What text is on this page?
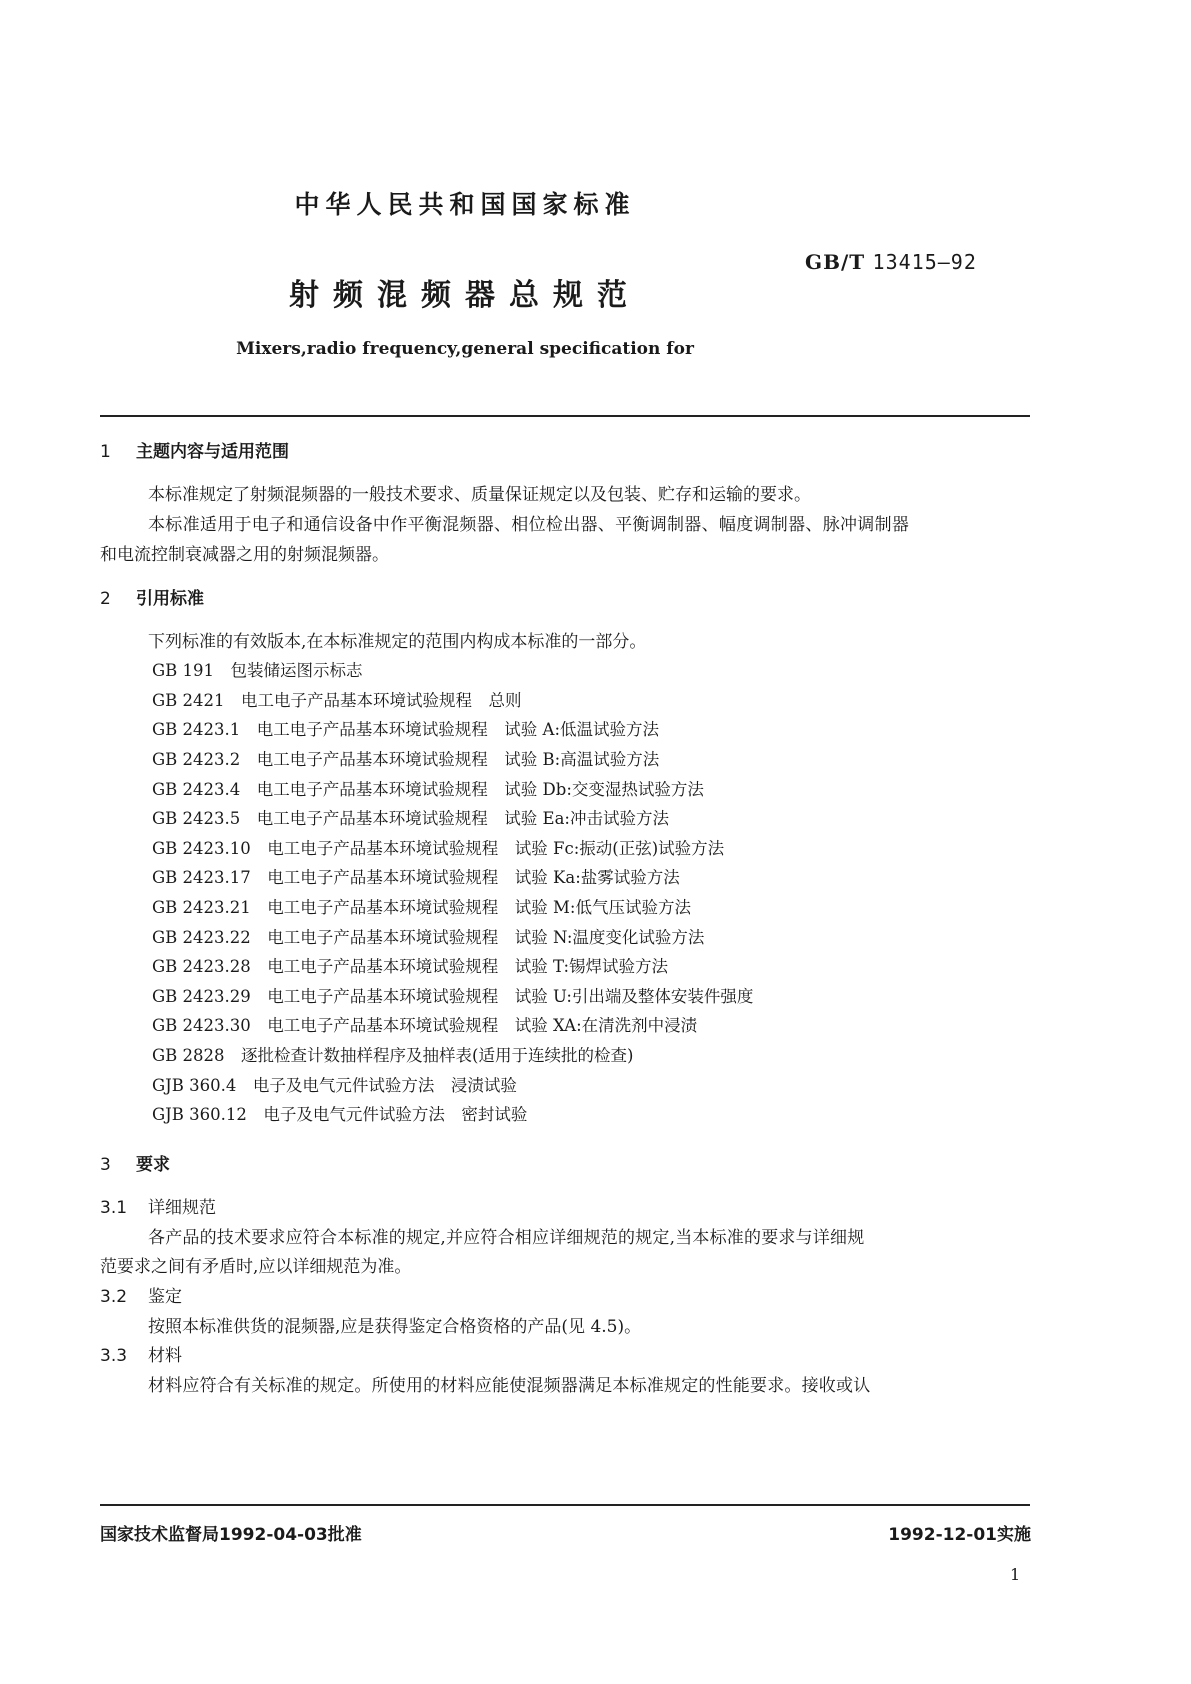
中华人民共和国国家标准
GB/T 13415—92
射频混频器总规范
Mixers,radio frequency,general specification for
1 主题内容与适用范围
本标准规定了射频混频器的一般技术要求、质量保证规定以及包装、贮存和运输的要求。
本标准适用于电子和通信设备中作平衡混频器、相位检出器、平衡调制器、幅度调制器、脉冲调制器
和电流控制衰减器之用的射频混频器。
2 引用标准
下列标准的有效版本,在本标准规定的范围内构成本标准的一部分。
GB 191　包装储运图示标志
GB 2421　电工电子产品基本环境试验规程　总则
GB 2423.1　电工电子产品基本环境试验规程　试验 A:低温试验方法
GB 2423.2　电工电子产品基本环境试验规程　试验 B:高温试验方法
GB 2423.4　电工电子产品基本环境试验规程　试验 Db:交变湿热试验方法
GB 2423.5　电工电子产品基本环境试验规程　试验 Ea:冲击试验方法
GB 2423.10　电工电子产品基本环境试验规程　试验 Fc:振动(正弦)试验方法
GB 2423.17　电工电子产品基本环境试验规程　试验 Ka:盐雾试验方法
GB 2423.21　电工电子产品基本环境试验规程　试验 M:低气压试验方法
GB 2423.22　电工电子产品基本环境试验规程　试验 N:温度变化试验方法
GB 2423.28　电工电子产品基本环境试验规程　试验 T:锡焊试验方法
GB 2423.29　电工电子产品基本环境试验规程　试验 U:引出端及整体安装件强度
GB 2423.30　电工电子产品基本环境试验规程　试验 XA:在清洗剂中浸渍
GB 2828　逐批检查计数抽样程序及抽样表(适用于连续批的检查)
GJB 360.4　电子及电气元件试验方法　浸渍试验
GJB 360.12　电子及电气元件试验方法　密封试验
3 要求
3.1 详细规范
各产品的技术要求应符合本标准的规定,并应符合相应详细规范的规定,当本标准的要求与详细规
范要求之间有矛盾时,应以详细规范为准。
3.2 鉴定
按照本标准供货的混频器,应是获得鉴定合格资格的产品(见 4.5)。
3.3 材料
材料应符合有关标准的规定。所使用的材料应能使混频器满足本标准规定的性能要求。接收或认
国家技术监督局1992-04-03批准	1992-12-01实施
1
